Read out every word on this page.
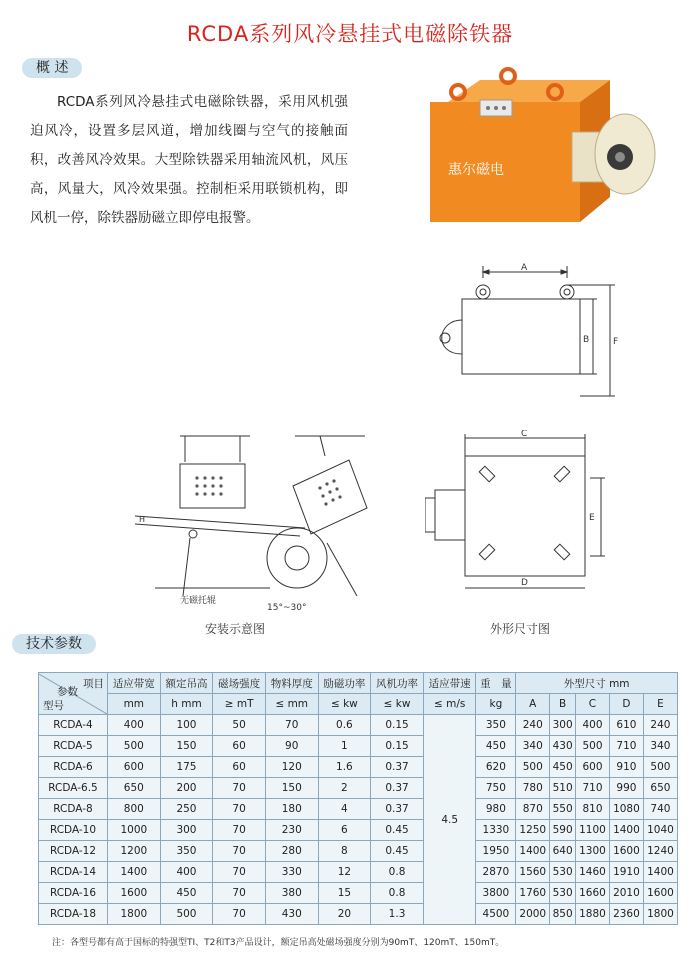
RCDA系列风冷悬挂式电磁除铁器
概 述
RCDA系列风冷悬挂式电磁除铁器，采用风机强迫风冷，设置多层风道，增加线圈与空气的接触面积，改善风冷效果。大型除铁器采用轴流风机，风压高，风量大，风冷效果强。控制柜采用联锁机构，即风机一停，除铁器励磁立即停电报警。
惠尔磁电
A
B	F
H
无磁托辊
15°~30°
C
D
E
安装示意图	外形尺寸图
技术参数
项目
参数
型号	适应带宽	额定吊高	磁场强度	物料厚度	励磁功率	风机功率	适应带速	重　量	外型尺寸 mm				
	mm	h mm	≥ mT	≤ mm	≤ kw	≤ kw	≤ m/s	kg	A	B	C	D	E
RCDA-4	400	100	50	70	0.6	0.15	4.5	350	240	300	400	610	240
RCDA-5	500	150	60	90	1	0.15		450	340	430	500	710	340
RCDA-6	600	175	60	120	1.6	0.37		620	500	450	600	910	500
RCDA-6.5	650	200	70	150	2	0.37		750	780	510	710	990	650
RCDA-8	800	250	70	180	4	0.37		980	870	550	810	1080	740
RCDA-10	1000	300	70	230	6	0.45		1330	1250	590	1100	1400	1040
RCDA-12	1200	350	70	280	8	0.45		1950	1400	640	1300	1600	1240
RCDA-14	1400	400	70	330	12	0.8		2870	1560	530	1460	1910	1400
RCDA-16	1600	450	70	380	15	0.8		3800	1760	530	1660	2010	1600
RCDA-18	1800	500	70	430	20	1.3		4500	2000	850	1880	2360	1800
注：各型号都有高于国标的特强型TI、T2和T3产品设计，额定吊高处磁场强度分别为90mT、120mT、150mT。
